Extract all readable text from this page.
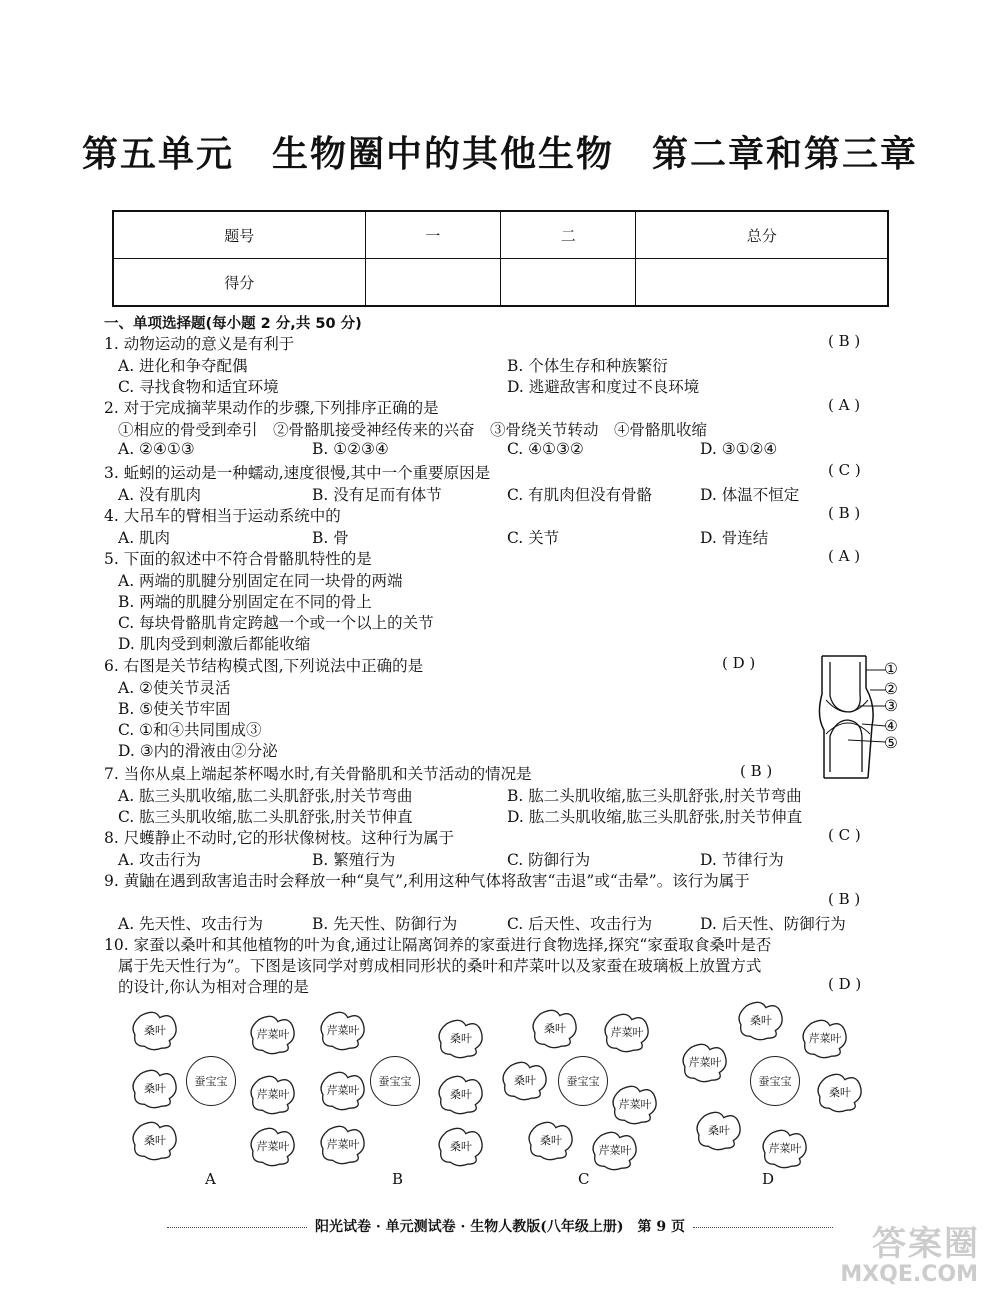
第五单元　生物圈中的其他生物　第二章和第三章
题号	一	二	总分
得分			
一、单项选择题(每小题 2 分,共 50 分)
1. 动物运动的意义是有利于	( B )
A. 进化和争夺配偶	B. 个体生存和种族繁衍
C. 寻找食物和适宜环境	D. 逃避敌害和度过不良环境
2. 对于完成摘苹果动作的步骤,下列排序正确的是	( A )
①相应的骨受到牵引　②骨骼肌接受神经传来的兴奋　③骨绕关节转动　④骨骼肌收缩
A. ②④①③	B. ①②③④	C. ④①③②	D. ③①②④
3. 蚯蚓的运动是一种蠕动,速度很慢,其中一个重要原因是	( C )
A. 没有肌肉	B. 没有足而有体节	C. 有肌肉但没有骨骼	D. 体温不恒定
4. 大吊车的臂相当于运动系统中的	( B )
A. 肌肉	B. 骨	C. 关节	D. 骨连结
5. 下面的叙述中不符合骨骼肌特性的是	( A )
A. 两端的肌腱分别固定在同一块骨的两端
B. 两端的肌腱分别固定在不同的骨上
C. 每块骨骼肌肯定跨越一个或一个以上的关节
D. 肌肉受到刺激后都能收缩
6. 右图是关节结构模式图,下列说法中正确的是	( D )
A. ②使关节灵活
B. ⑤使关节牢固
C. ①和④共同围成③
D. ③内的滑液由②分泌
①
②
③
④
⑤
7. 当你从桌上端起茶杯喝水时,有关骨骼肌和关节活动的情况是	( B )
A. 肱三头肌收缩,肱二头肌舒张,肘关节弯曲	B. 肱二头肌收缩,肱三头肌舒张,肘关节弯曲
C. 肱三头肌收缩,肱二头肌舒张,肘关节伸直	D. 肱二头肌收缩,肱三头肌舒张,肘关节伸直
8. 尺蠖静止不动时,它的形状像树枝。这种行为属于	( C )
A. 攻击行为	B. 繁殖行为	C. 防御行为	D. 节律行为
9. 黄鼬在遇到敌害追击时会释放一种“臭气”,利用这种气体将敌害“击退”或“击晕”。该行为属于
( B )
A. 先天性、攻击行为	B. 先天性、防御行为	C. 后天性、攻击行为	D. 后天性、防御行为
10. 家蚕以桑叶和其他植物的叶为食,通过让隔离饲养的家蚕进行食物选择,探究“家蚕取食桑叶是否
属于先天性行为”。下图是该同学对剪成相同形状的桑叶和芹菜叶以及家蚕在玻璃板上放置方式
的设计,你认为相对合理的是	( D )
桑叶	芹菜叶	芹菜叶
桑叶	芹菜叶	芹菜叶
桑叶	芹菜叶	芹菜叶
桑叶
桑叶
桑叶
桑叶	芹菜叶
桑叶
芹菜叶
桑叶
芹菜叶
桑叶
芹菜叶
芹菜叶
桑叶
桑叶
芹菜叶
蚕宝宝	蚕宝宝	蚕宝宝	蚕宝宝
A	B	C	D
阳光试卷 · 单元测试卷 · 生物人教版(八年级上册)　第 9 页	答案圈
MXQE.COM
